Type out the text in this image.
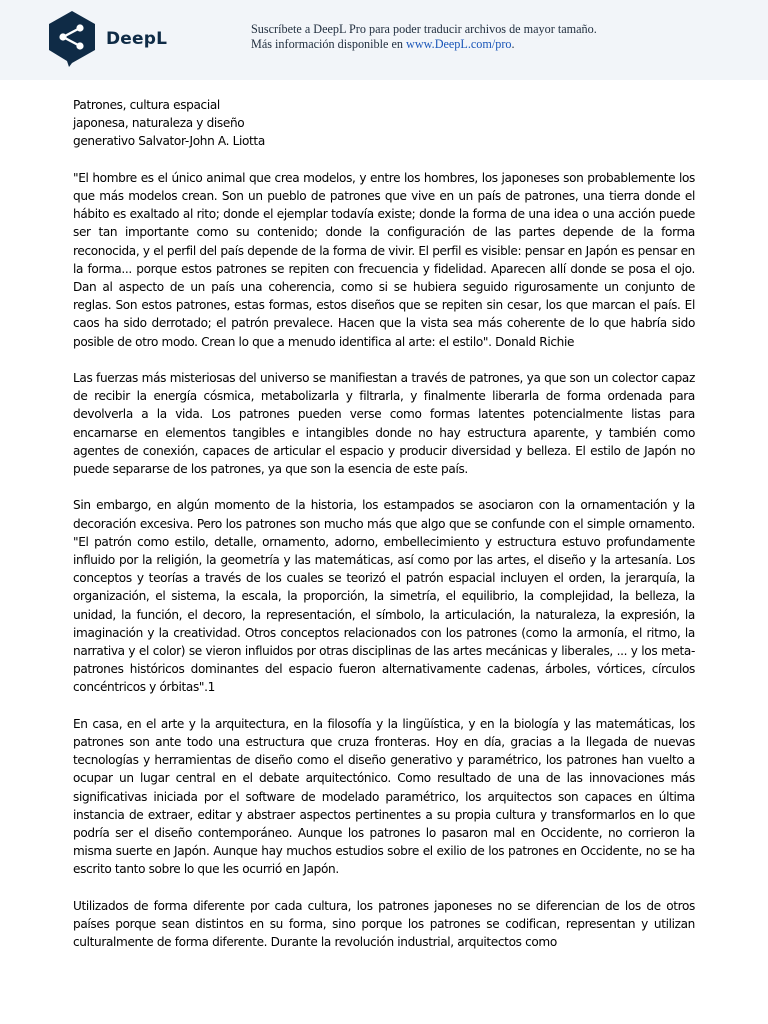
DeepL	Suscríbete a DeepL Pro para poder traducir archivos de mayor tamaño.
Más información disponible en www.DeepL.com/pro.
Patrones, cultura espacial
japonesa, naturaleza y diseño
generativo Salvator-John A. Liotta

"El hombre es el único animal que crea modelos, y entre los hombres, los japoneses son probablemente los que más modelos crean. Son un pueblo de patrones que vive en un país de patrones, una tierra donde el hábito es exaltado al rito; donde el ejemplar todavía existe; donde la forma de una idea o una acción puede ser tan importante como su contenido; donde la configuración de las partes depende de la forma reconocida, y el perfil del país depende de la forma de vivir. El perfil es visible: pensar en Japón es pensar en la forma... porque estos patrones se repiten con frecuencia y fidelidad. Aparecen allí donde se posa el ojo. Dan al aspecto de un país una coherencia, como si se hubiera seguido rigurosamente un conjunto de reglas. Son estos patrones, estas formas, estos diseños que se repiten sin cesar, los que marcan el país. El caos ha sido derrotado; el patrón prevalece. Hacen que la vista sea más coherente de lo que habría sido posible de otro modo. Crean lo que a menudo identifica al arte: el estilo". Donald Richie

Las fuerzas más misteriosas del universo se manifiestan a través de patrones, ya que son un colector capaz de recibir la energía cósmica, metabolizarla y filtrarla, y finalmente liberarla de forma ordenada para devolverla a la vida. Los patrones pueden verse como formas latentes potencialmente listas para encarnarse en elementos tangibles e intangibles donde no hay estructura aparente, y también como agentes de conexión, capaces de articular el espacio y producir diversidad y belleza. El estilo de Japón no puede separarse de los patrones, ya que son la esencia de este país.

Sin embargo, en algún momento de la historia, los estampados se asociaron con la ornamentación y la decoración excesiva. Pero los patrones son mucho más que algo que se confunde con el simple ornamento. "El patrón como estilo, detalle, ornamento, adorno, embellecimiento y estructura estuvo profundamente influido por la religión, la geometría y las matemáticas, así como por las artes, el diseño y la artesanía. Los conceptos y teorías a través de los cuales se teorizó el patrón espacial incluyen el orden, la jerarquía, la organización, el sistema, la escala, la proporción, la simetría, el equilibrio, la complejidad, la belleza, la unidad, la función, el decoro, la representación, el símbolo, la articulación, la naturaleza, la expresión, la imaginación y la creatividad. Otros conceptos relacionados con los patrones (como la armonía, el ritmo, la narrativa y el color) se vieron influidos por otras disciplinas de las artes mecánicas y liberales, ... y los meta-patrones históricos dominantes del espacio fueron alternativamente cadenas, árboles, vórtices, círculos concéntricos y órbitas".1

En casa, en el arte y la arquitectura, en la filosofía y la lingüística, y en la biología y las matemáticas, los patrones son ante todo una estructura que cruza fronteras. Hoy en día, gracias a la llegada de nuevas tecnologías y herramientas de diseño como el diseño generativo y paramétrico, los patrones han vuelto a ocupar un lugar central en el debate arquitectónico. Como resultado de una de las innovaciones más significativas iniciada por el software de modelado paramétrico, los arquitectos son capaces en última instancia de extraer, editar y abstraer aspectos pertinentes a su propia cultura y transformarlos en lo que podría ser el diseño contemporáneo. Aunque los patrones lo pasaron mal en Occidente, no corrieron la misma suerte en Japón. Aunque hay muchos estudios sobre el exilio de los patrones en Occidente, no se ha escrito tanto sobre lo que les ocurrió en Japón.

Utilizados de forma diferente por cada cultura, los patrones japoneses no se diferencian de los de otros países porque sean distintos en su forma, sino porque los patrones se codifican, representan y utilizan culturalmente de forma diferente. Durante la revolución industrial, arquitectos como
